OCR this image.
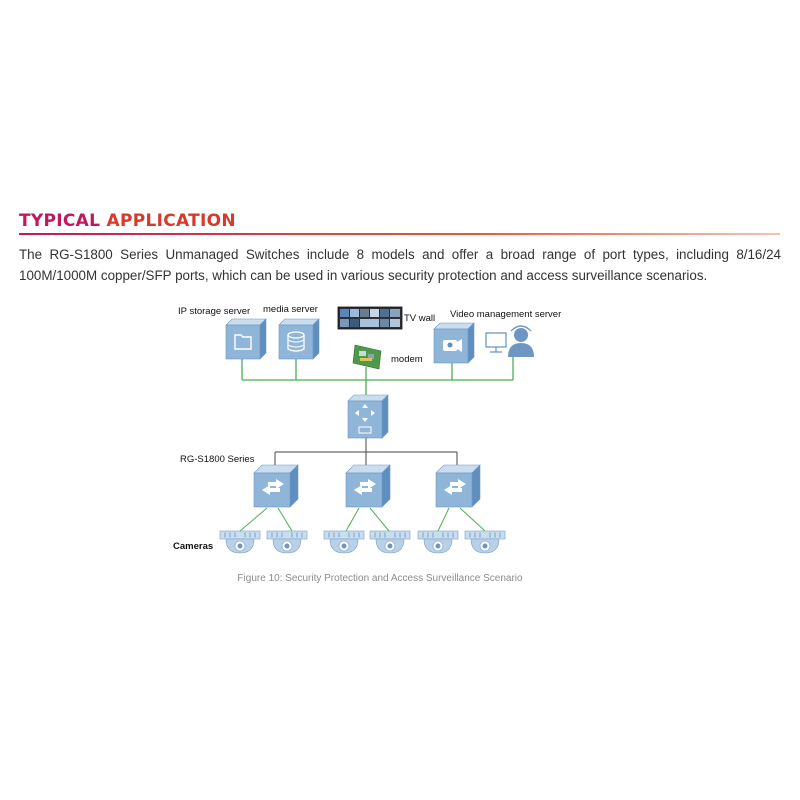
TYPICAL APPLICATION

The RG-S1800 Series Unmanaged Switches include 8 models and offer a broad range of port types, including 8/16/24 100M/1000M copper/SFP ports, which can be used in various security protection and access surveillance scenarios.

IP storage server media server
TV wall Video management server
modem
RG-S1800 Series
Cameras

Figure 10: Security Protection and Access Surveillance Scenario
